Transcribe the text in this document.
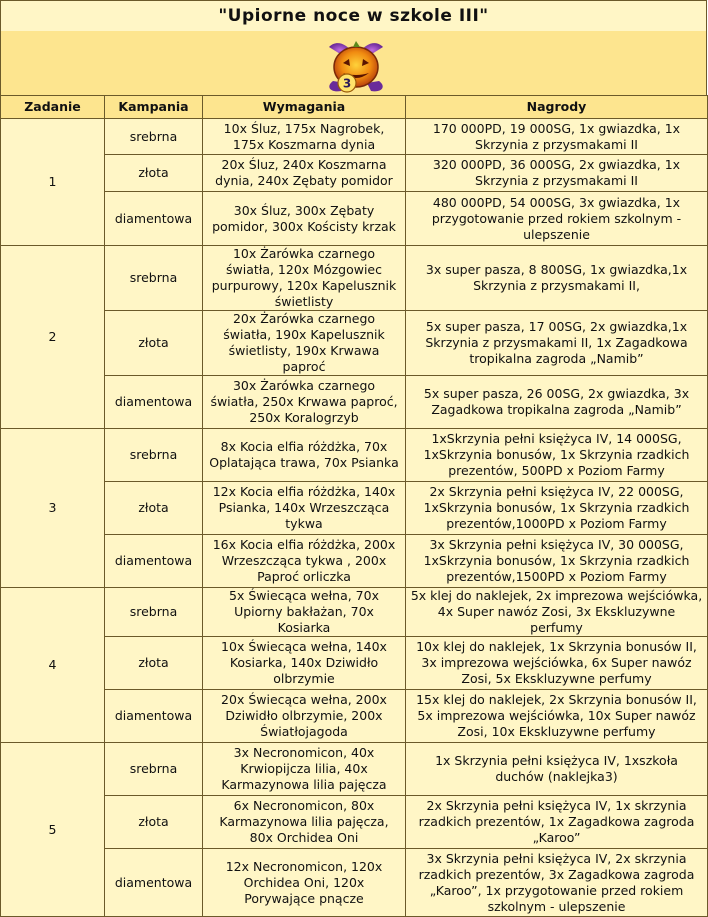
"Upiorne noce w szkole III"
3
Zadanie	Kampania	Wymagania	Nagrody
1	srebrna	10x Śluz, 175x Nagrobek, 175x Koszmarna dynia	170 000PD, 19 000SG, 1x gwiazdka, 1x Skrzynia z przysmakami II
	złota	20x Śluz, 240x Koszmarna dynia, 240x Zębaty pomidor	320 000PD, 36 000SG, 2x gwiazdka, 1x Skrzynia z przysmakami II
	diamentowa	30x Śluz, 300x Zębaty pomidor, 300x Kościsty krzak	480 000PD, 54 000SG, 3x gwiazdka, 1x przygotowanie przed rokiem szkolnym - ulepszenie
2	srebrna	10x Żarówka czarnego światła, 120x Mózgowiec purpurowy, 120x Kapelusznik świetlisty	3x super pasza, 8 800SG, 1x gwiazdka,1x Skrzynia z przysmakami II,
	złota	20x Żarówka czarnego światła, 190x Kapelusznik świetlisty, 190x Krwawa paproć	5x super pasza, 17 00SG, 2x gwiazdka,1x Skrzynia z przysmakami II, 1x Zagadkowa tropikalna zagroda „Namib”
	diamentowa	30x Żarówka czarnego światła, 250x Krwawa paproć, 250x Koralogrzyb	5x super pasza, 26 00SG, 2x gwiazdka, 3x Zagadkowa tropikalna zagroda „Namib”
3	srebrna	8x Kocia elfia różdżka, 70x Oplatająca trawa, 70x Psianka	1xSkrzynia pełni księżyca IV, 14 000SG, 1xSkrzynia bonusów, 1x Skrzynia rzadkich prezentów, 500PD x Poziom Farmy
	złota	12x Kocia elfia różdżka, 140x Psianka, 140x Wrzeszcząca tykwa	2x Skrzynia pełni księżyca IV, 22 000SG, 1xSkrzynia bonusów, 1x Skrzynia rzadkich prezentów,1000PD x Poziom Farmy
	diamentowa	16x Kocia elfia różdżka, 200x Wrzeszcząca tykwa , 200x Paproć orliczka	3x Skrzynia pełni księżyca IV, 30 000SG, 1xSkrzynia bonusów, 1x Skrzynia rzadkich prezentów,1500PD x Poziom Farmy
4	srebrna	5x Świecąca wełna, 70x Upiorny bakłażan, 70x Kosiarka	5x klej do naklejek, 2x imprezowa wejściówka, 4x Super nawóz Zosi, 3x Ekskluzywne perfumy
	złota	10x Świecąca wełna, 140x Kosiarka, 140x Dziwidło olbrzymie	10x klej do naklejek, 1x Skrzynia bonusów II, 3x imprezowa wejściówka, 6x Super nawóz Zosi, 5x Ekskluzywne perfumy
	diamentowa	20x Świecąca wełna, 200x Dziwidło olbrzymie, 200x Światłojagoda	15x klej do naklejek, 2x Skrzynia bonusów II, 5x imprezowa wejściówka, 10x Super nawóz Zosi, 10x Ekskluzywne perfumy
5	srebrna	3x Necronomicon, 40x Krwiopijcza lilia, 40x Karmazynowa lilia pajęcza	1x Skrzynia pełni księżyca IV, 1xszkoła duchów (naklejka3)
	złota	6x Necronomicon, 80x Karmazynowa lilia pajęcza, 80x Orchidea Oni	2x Skrzynia pełni księżyca IV, 1x skrzynia rzadkich prezentów, 1x Zagadkowa zagroda „Karoo”
	diamentowa	12x Necronomicon, 120x Orchidea Oni, 120x Porywające pnącze	3x Skrzynia pełni księżyca IV, 2x skrzynia rzadkich prezentów, 3x Zagadkowa zagroda „Karoo”, 1x przygotowanie przed rokiem szkolnym - ulepszenie
